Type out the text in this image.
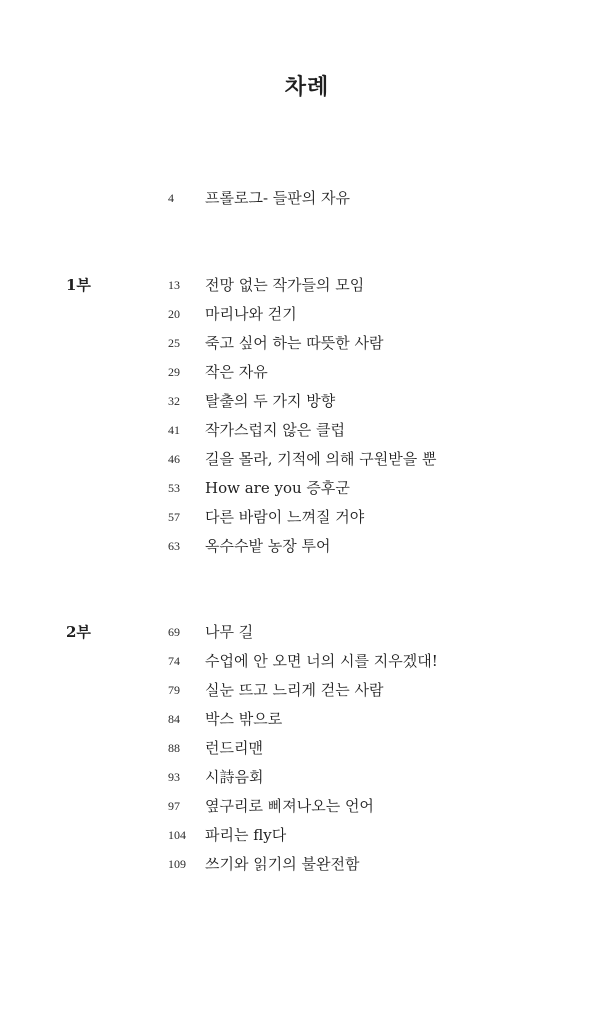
차례
4	프롤로그- 들판의 자유
1부	13	전망 없는 작가들의 모임
20	마리나와 걷기
25	죽고 싶어 하는 따뜻한 사람
29	작은 자유
32	탈출의 두 가지 방향
41	작가스럽지 않은 클럽
46	길을 몰라, 기적에 의해 구원받을 뿐
53	How are you 증후군
57	다른 바람이 느껴질 거야
63	옥수수밭 농장 투어
2부	69	나무 길
74	수업에 안 오면 너의 시를 지우겠대!
79	실눈 뜨고 느리게 걷는 사람
84	박스 밖으로
88	런드리맨
93	시詩음회
97	옆구리로 삐져나오는 언어
104	파리는 fly다
109	쓰기와 읽기의 불완전함
